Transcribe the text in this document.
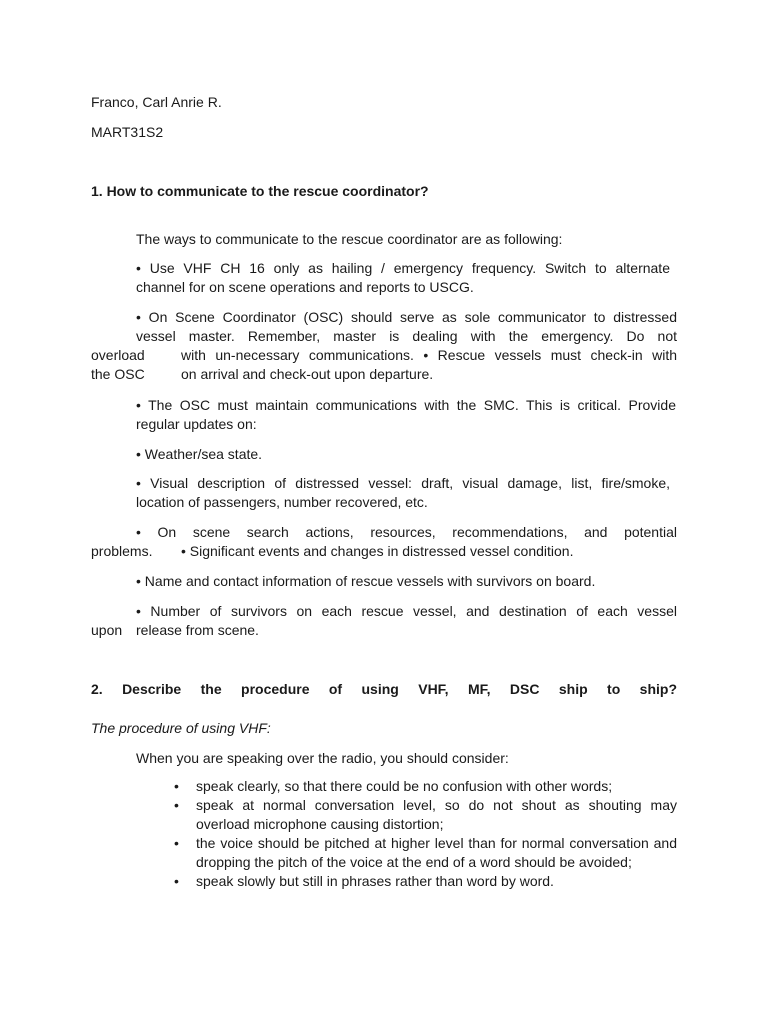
Franco, Carl Anrie R.

MART31S2

1. How to communicate to the rescue coordinator?

The ways to communicate to the rescue coordinator are as following:

• Use VHF CH 16 only as hailing / emergency frequency. Switch to alternate
channel for on scene operations and reports to USCG.
• On Scene Coordinator (OSC) should serve as sole communicator to distressed
vessel master. Remember, master is dealing with the emergency. Do not
overload	with un-necessary communications. • Rescue vessels must check-in with
the OSC	on arrival and check-out upon departure.
• The OSC must maintain communications with the SMC. This is critical. Provide
regular updates on:

• Weather/sea state.

• Visual description of distressed vessel: draft, visual damage, list, fire/smoke,
location of passengers, number recovered, etc.
• On scene search actions, resources, recommendations, and potential
problems.	• Significant events and changes in distressed vessel condition.

• Name and contact information of rescue vessels with survivors on board.

• Number of survivors on each rescue vessel, and destination of each vessel
upon release from scene.

2. Describe the procedure of using VHF, MF, DSC ship to ship?

The procedure of using VHF:

When you are speaking over the radio, you should consider:

• speak clearly, so that there could be no confusion with other words;
• speak at normal conversation level, so do not shout as shouting may overload microphone causing distortion;
• the voice should be pitched at higher level than for normal conversation and dropping the pitch of the voice at the end of a word should be avoided;
• speak slowly but still in phrases rather than word by word.
